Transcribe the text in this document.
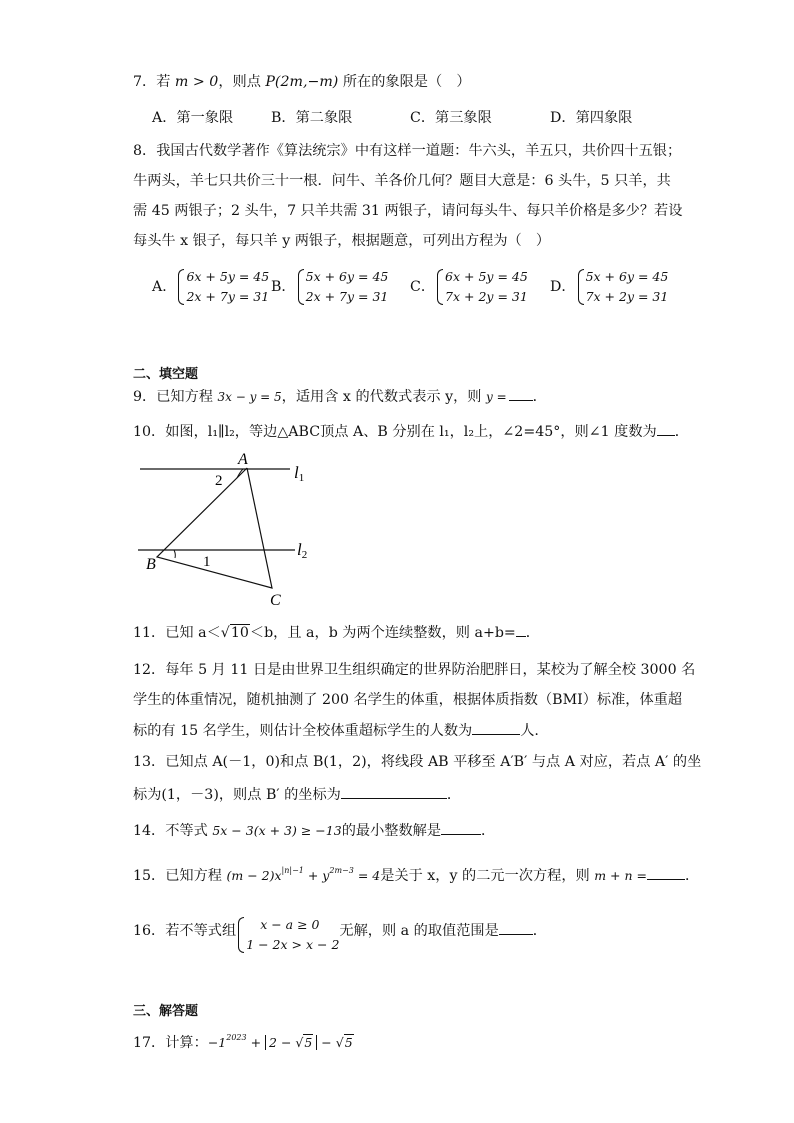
7．若 m > 0，则点 P(2m,−m) 所在的象限是（　）
A．第一象限	B．第二象限	C．第三象限	D．第四象限
8．我国古代数学著作《算法统宗》中有这样一道题：牛六头，羊五只，共价四十五银；
牛两头，羊七只共价三十一根．问牛、羊各价几何？题目大意是：6 头牛，5 只羊，共
需 45 两银子；2 头牛，7 只羊共需 31 两银子，请问每头牛、每只羊价格是多少？若设
每头牛 x 银子，每只羊 y 两银子，根据题意，可列出方程为（　）
A．
6x + 5y = 45
2x + 7y = 31
B．
5x + 6y = 45
2x + 7y = 31
C．
6x + 5y = 45
7x + 2y = 31
D．
5x + 6y = 45
7x + 2y = 31
二、填空题
9．已知方程 3x − y = 5，适用含 x 的代数式表示 y，则 y = ．
10．如图，l₁∥l₂，等边△ABC顶点 A、B 分别在 l₁，l₂上，∠2=45°，则∠1 度数为 ．
A
2
B	1
C
l1
l2
11．已知 a＜√10＜b，且 a，b 为两个连续整数，则 a+b= ．
12．每年 5 月 11 日是由世界卫生组织确定的世界防治肥胖日，某校为了解全校 3000 名
学生的体重情况，随机抽测了 200 名学生的体重，根据体质指数（BMI）标准，体重超
标的有 15 名学生，则估计全校体重超标学生的人数为	人.
13．已知点 A(－1，0)和点 B(1，2)，将线段 AB 平移至 A′B′ 与点 A 对应，若点 A′ 的坐
标为(1，－3)，则点 B′ 的坐标为	．
14．不等式 5x − 3(x + 3) ≥ −13的最小整数解是	．
15．已知方程 $(m - 2)x^{|n|-1} + y^{2m-3} = 4$是关于 x，y 的二元一次方程，则 m + n =	．
16．若不等式组	x − a ≥ 0
1 − 2x > x − 2
无解，则 a 的取值范围是 ．
三、解答题
17．计算：$-1^{2023} + 2 - √5 - √5$
